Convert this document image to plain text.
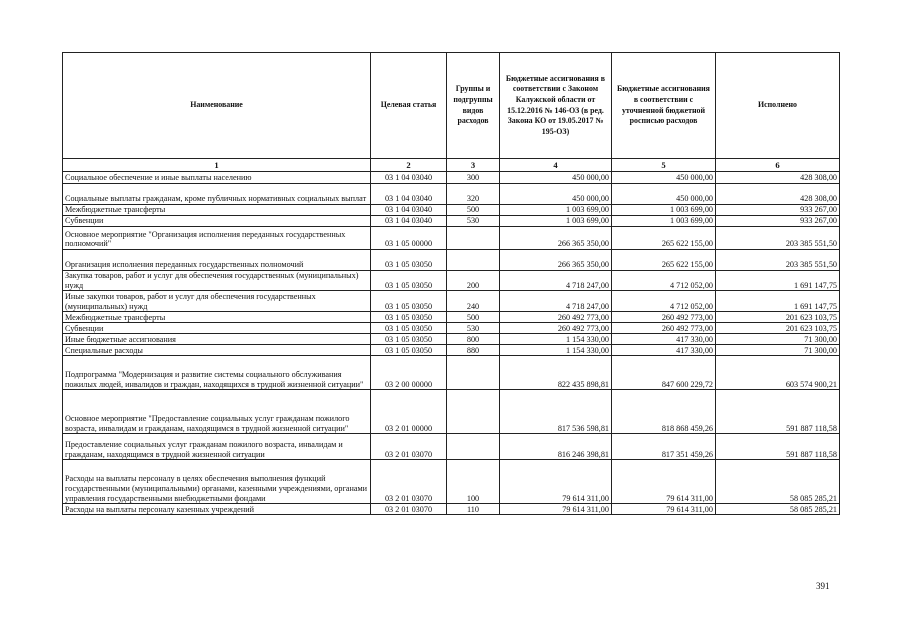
Наименование	Целевая статья	Группы и подгруппы видов расходов	Бюджетные ассигнования в соответствии с Законом Калужской области от 15.12.2016 № 146-ОЗ (в ред. Закона КО от 19.05.2017 № 195-ОЗ)	Бюджетные ассигнования в соответствии с уточненной бюджетной росписью расходов	Исполнено
1	2	3	4	5	6
Социальное обеспечение и иные выплаты населению	03 1 04 03040	300	450 000,00	450 000,00	428 308,00
Социальные выплаты гражданам, кроме публичных нормативных социальных выплат	03 1 04 03040	320	450 000,00	450 000,00	428 308,00
Межбюджетные трансферты	03 1 04 03040	500	1 003 699,00	1 003 699,00	933 267,00
Субвенции	03 1 04 03040	530	1 003 699,00	1 003 699,00	933 267,00
Основное мероприятие "Организация исполнения переданных государственных полномочий"	03 1 05 00000		266 365 350,00	265 622 155,00	203 385 551,50
Организация исполнения переданных государственных полномочий	03 1 05 03050		266 365 350,00	265 622 155,00	203 385 551,50
Закупка товаров, работ и услуг для обеспечения государственных (муниципальных) нужд	03 1 05 03050	200	4 718 247,00	4 712 052,00	1 691 147,75
Иные закупки товаров, работ и услуг для обеспечения государственных (муниципальных) нужд	03 1 05 03050	240	4 718 247,00	4 712 052,00	1 691 147,75
Межбюджетные трансферты	03 1 05 03050	500	260 492 773,00	260 492 773,00	201 623 103,75
Субвенции	03 1 05 03050	530	260 492 773,00	260 492 773,00	201 623 103,75
Иные бюджетные ассигнования	03 1 05 03050	800	1 154 330,00	417 330,00	71 300,00
Специальные расходы	03 1 05 03050	880	1 154 330,00	417 330,00	71 300,00
Подпрограмма "Модернизация и развитие системы социального обслуживания пожилых людей, инвалидов и граждан, находящихся в трудной жизненной ситуации"	03 2 00 00000		822 435 898,81	847 600 229,72	603 574 900,21
Основное мероприятие "Предоставление социальных услуг гражданам пожилого возраста, инвалидам и гражданам, находящимся в трудной жизненной ситуации"	03 2 01 00000		817 536 598,81	818 868 459,26	591 887 118,58
Предоставление социальных услуг гражданам пожилого возраста, инвалидам и гражданам, находящимся в трудной жизненной ситуации	03 2 01 03070		816 246 398,81	817 351 459,26	591 887 118,58
Расходы на выплаты персоналу в целях обеспечения выполнения функций государственными (муниципальными) органами, казенными учреждениями, органами управления государственными внебюджетными фондами	03 2 01 03070	100	79 614 311,00	79 614 311,00	58 085 285,21
Расходы на выплаты персоналу казенных учреждений	03 2 01 03070	110	79 614 311,00	79 614 311,00	58 085 285,21
391
